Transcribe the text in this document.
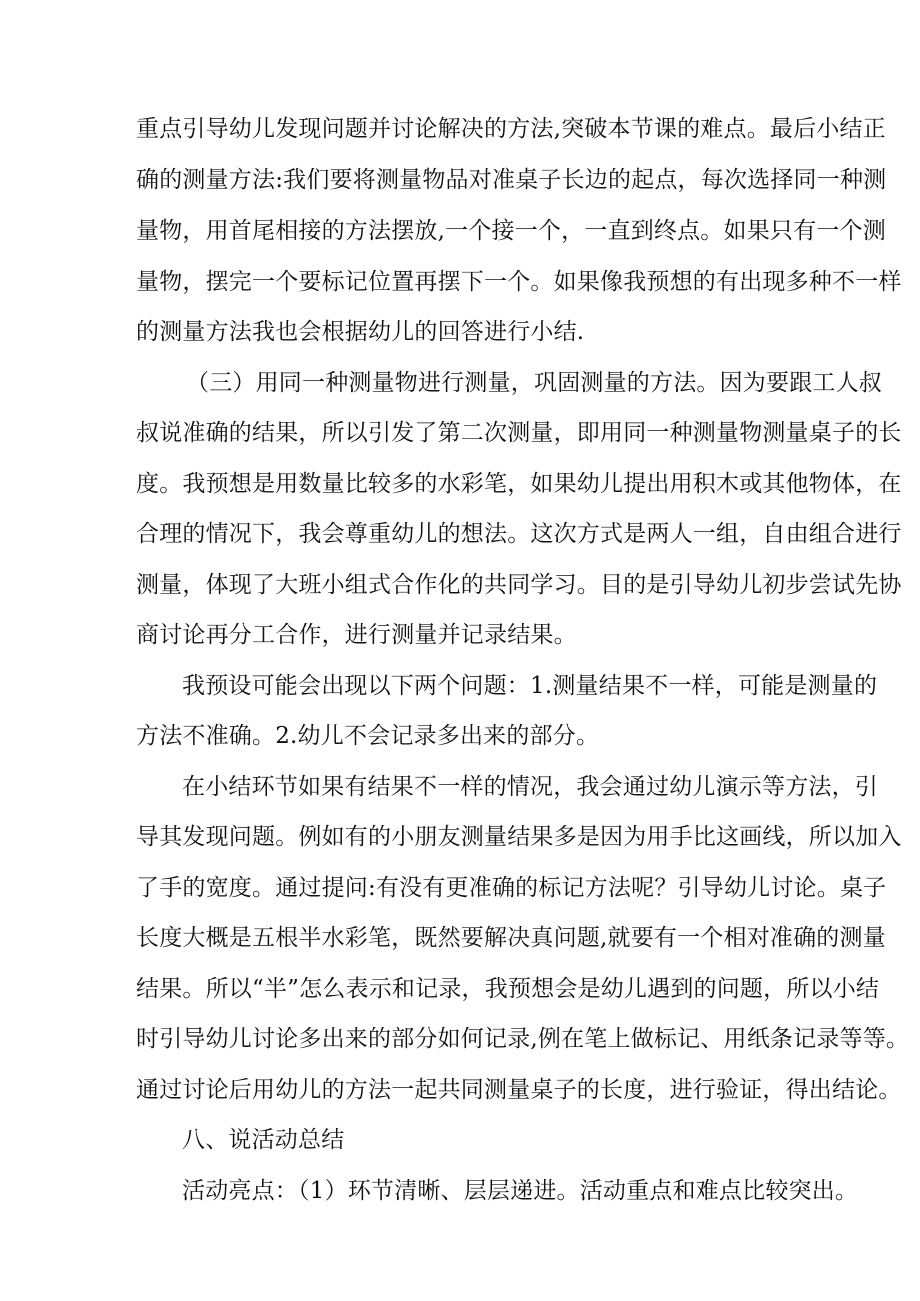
重点引导幼儿发现问题并讨论解决的方法,突破本节课的难点。最后小结正
确的测量方法:我们要将测量物品对准桌子长边的起点，每次选择同一种测
量物，用首尾相接的方法摆放,一个接一个，一直到终点。如果只有一个测
量物，摆完一个要标记位置再摆下一个。如果像我预想的有出现多种不一样
的测量方法我也会根据幼儿的回答进行小结.
（三）用同一种测量物进行测量，巩固测量的方法。因为要跟工人叔
叔说准确的结果，所以引发了第二次测量，即用同一种测量物测量桌子的长
度。我预想是用数量比较多的水彩笔，如果幼儿提出用积木或其他物体，在
合理的情况下，我会尊重幼儿的想法。这次方式是两人一组，自由组合进行
测量，体现了大班小组式合作化的共同学习。目的是引导幼儿初步尝试先协
商讨论再分工合作，进行测量并记录结果。
我预设可能会出现以下两个问题：1.测量结果不一样，可能是测量的
方法不准确。2.幼儿不会记录多出来的部分。
在小结环节如果有结果不一样的情况，我会通过幼儿演示等方法，引
导其发现问题。例如有的小朋友测量结果多是因为用手比这画线，所以加入
了手的宽度。通过提问:有没有更准确的标记方法呢？引导幼儿讨论。桌子
长度大概是五根半水彩笔，既然要解决真问题,就要有一个相对准确的测量
结果。所以“半”怎么表示和记录，我预想会是幼儿遇到的问题，所以小结
时引导幼儿讨论多出来的部分如何记录,例在笔上做标记、用纸条记录等等。
通过讨论后用幼儿的方法一起共同测量桌子的长度，进行验证，得出结论。
八、说活动总结
活动亮点：（1）环节清晰、层层递进。活动重点和难点比较突出。
